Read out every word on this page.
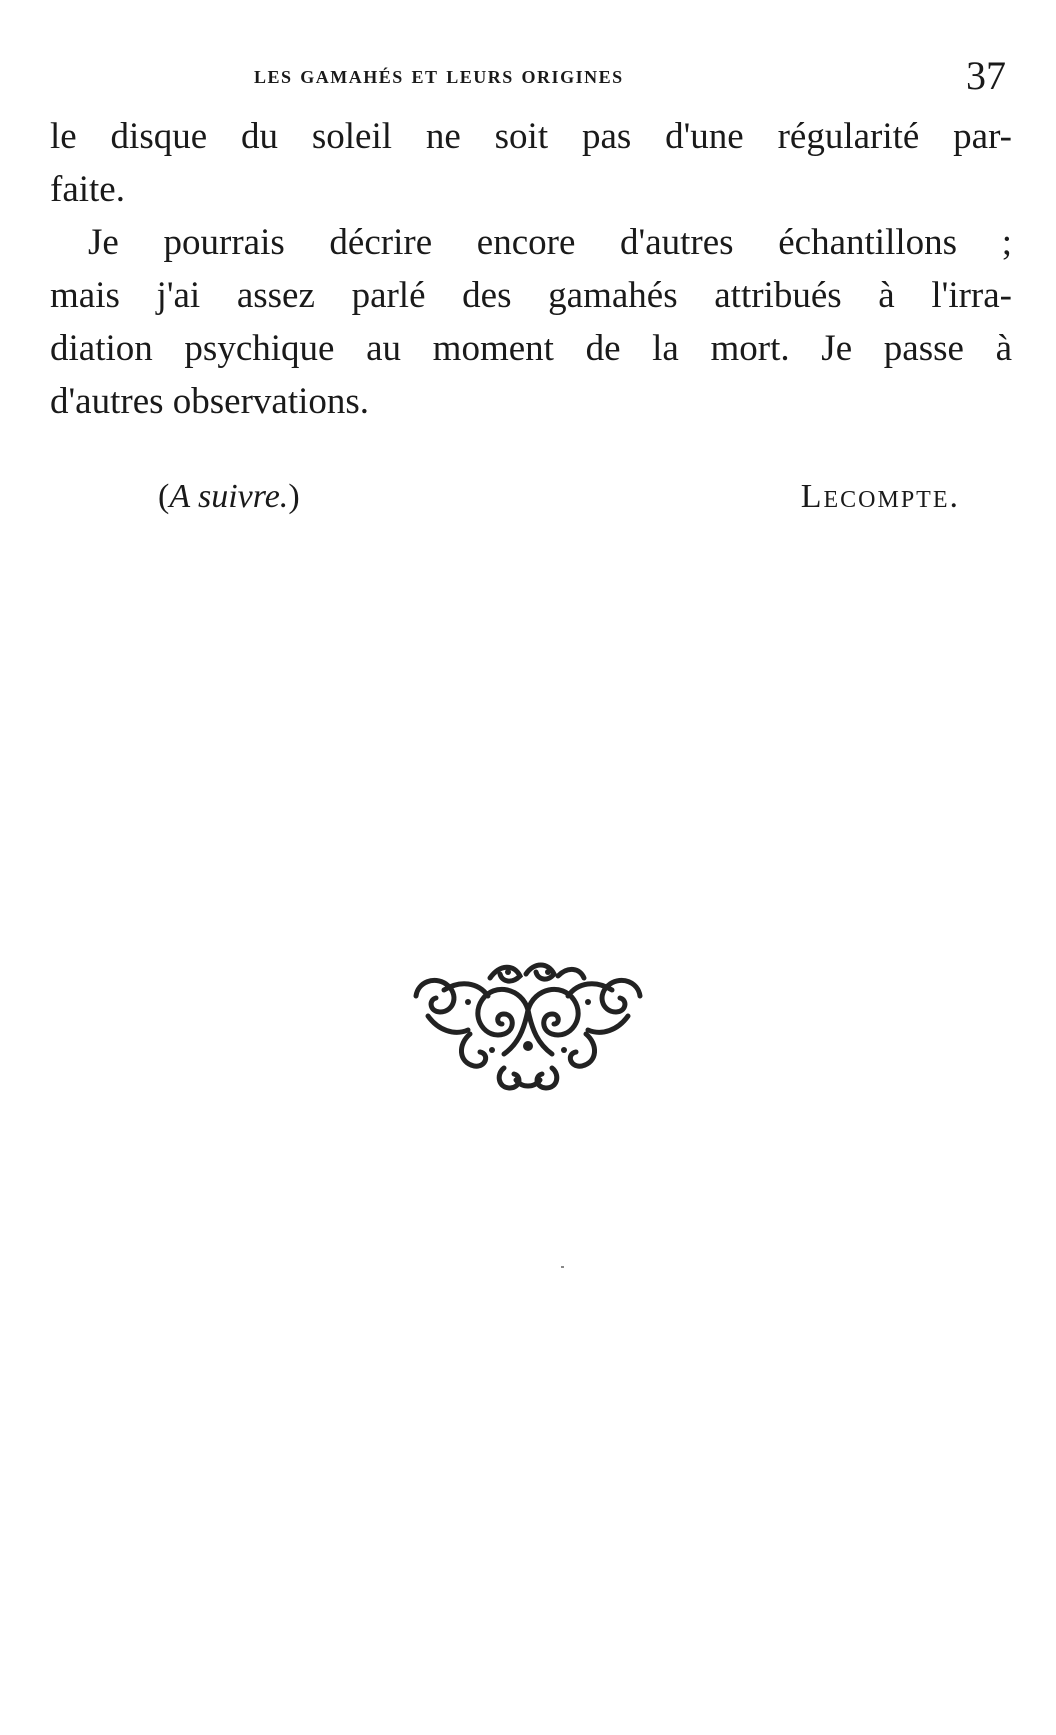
les gamahés et leurs origines	37
le disque du soleil ne soit pas d'une régularité par-
faite.
Je pourrais décrire encore d'autres échantillons ;
mais j'ai assez parlé des gamahés attribués à l'irra-
diation psychique au moment de la mort. Je passe à
d'autres observations.
(A suivre.)	Lecompte.
